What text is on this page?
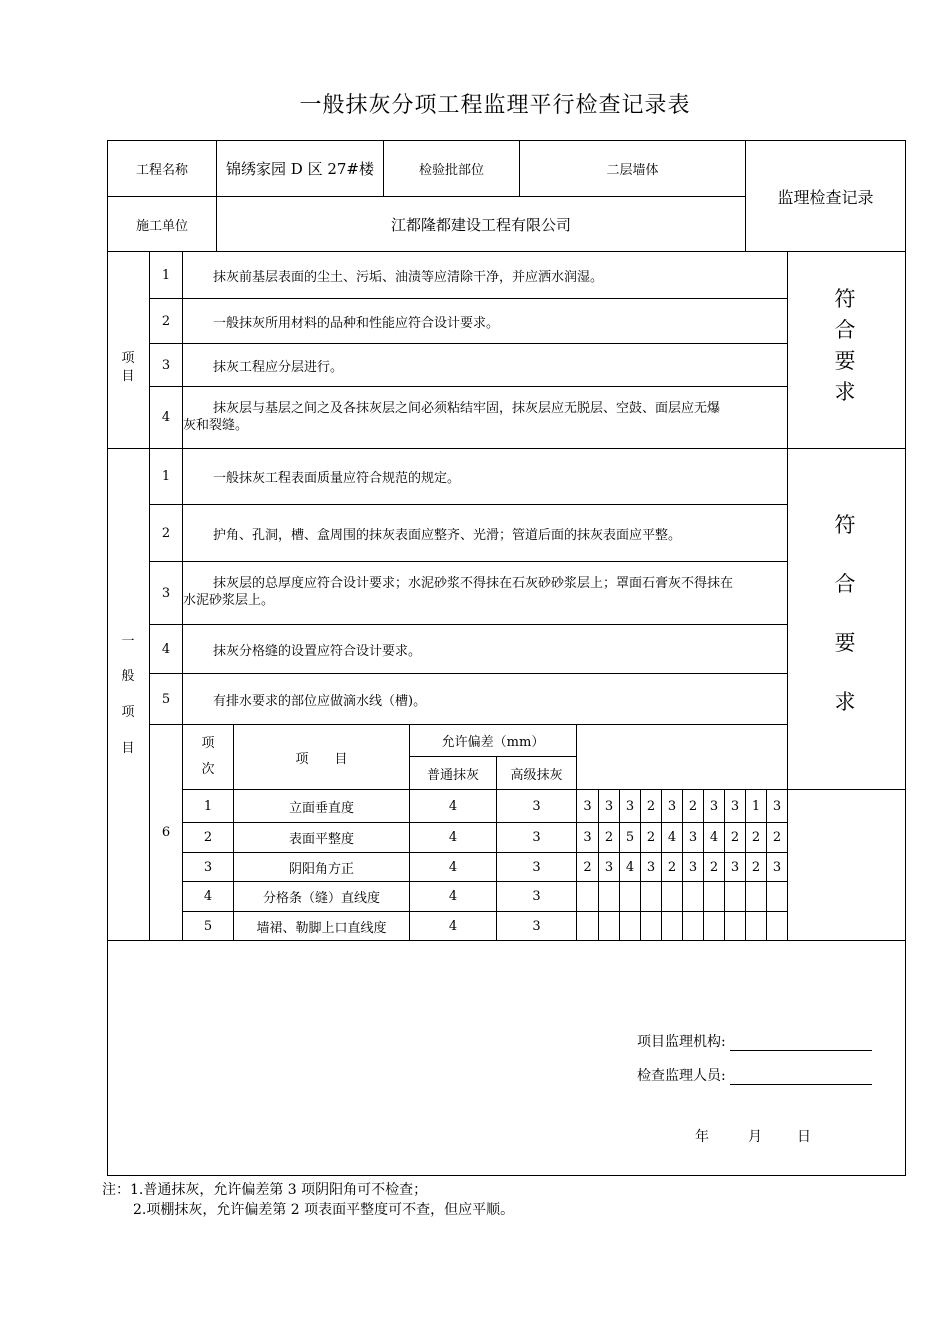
一般抹灰分项工程监理平行检查记录表
工程名称	锦绣家园 D 区 27#楼	检验批部位	二层墙体
监理检查记录
施工单位	江都隆都建设工程有限公司
项
目
1	抹灰前基层表面的尘土、污垢、油渍等应清除干净，并应洒水润湿。
2	一般抹灰所用材料的品种和性能应符合设计要求。
3	抹灰工程应分层进行。
4
抹灰层与基层之间之及各抹灰层之间必须粘结牢固，抹灰层应无脱层、空鼓、面层应无爆
灰和裂缝。
符
合
要
求
一
般
项
目
1	一般抹灰工程表面质量应符合规范的规定。
2	护角、孔洞，槽、盒周围的抹灰表面应整齐、光滑；管道后面的抹灰表面应平整。
3
抹灰层的总厚度应符合设计要求；水泥砂浆不得抹在石灰砂砂浆层上；罩面石膏灰不得抹在
水泥砂浆层上。
4	抹灰分格缝的设置应符合设计要求。
5	有排水要求的部位应做滴水线（槽)。
符
合
要
求
6
项
次
项　　目
允许偏差（mm）
普通抹灰	高级抹灰
1	立面垂直度	4	3	3	3 3 2 3 2 3 3 1 3
2	表面平整度	4	3	3	2 5 2 4 3 4 2 2 2
3	阴阳角方正	4	3	2	3 4 3 2 3 2 3 2 3
4	分格条（缝）直线度	4	3
5	墙裙、勒脚上口直线度	4	3
项目监理机构:
检查监理人员:
年	月	日
注：1.普通抹灰，允许偏差第 3 项阴阳角可不检查；
2.项棚抹灰，允许偏差第 2 项表面平整度可不查，但应平顺。
